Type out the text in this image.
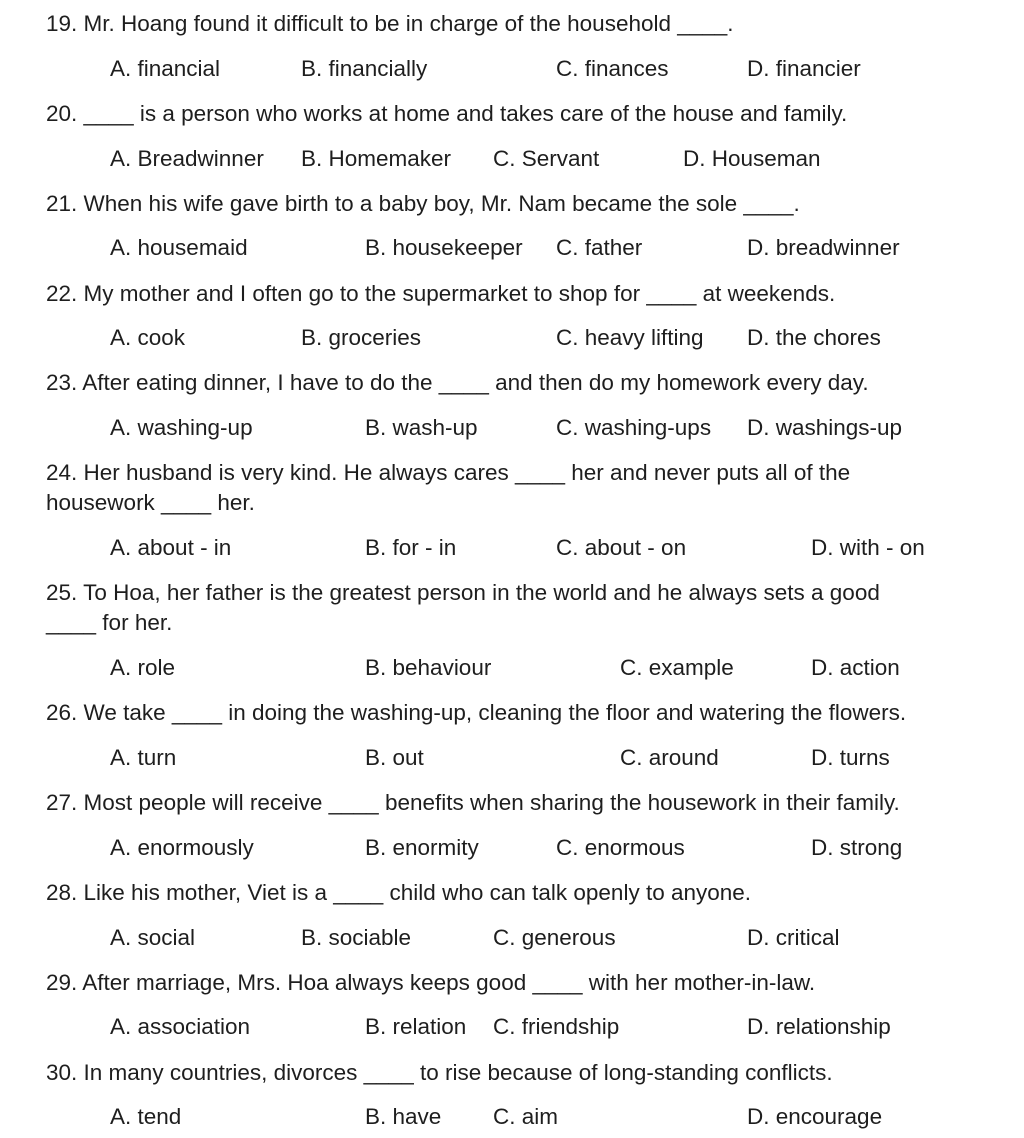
19. Mr. Hoang found it difficult to be in charge of the household ____.
A. financial	B. financially	C. finances	D. financier
20. ____ is a person who works at home and takes care of the house and family.
A. Breadwinner B. Homemaker C. Servant	D. Houseman
21. When his wife gave birth to a baby boy, Mr. Nam became the sole ____.
A. housemaid	B. housekeeper C. father	D. breadwinner
22. My mother and I often go to the supermarket to shop for ____ at weekends.
A. cook	B. groceries	C. heavy lifting D. the chores
23. After eating dinner, I have to do the ____ and then do my homework every day.
A. washing-up	B. wash-up	C. washing-ups D. washings-up
24. Her husband is very kind. He always cares ____ her and never puts all of the
housework ____ her.
A. about - in	B. for - in	C. about - on	D. with - on
25. To Hoa, her father is the greatest person in the world and he always sets a good
____ for her.
A. role	B. behaviour	C. example	D. action
26. We take ____ in doing the washing-up, cleaning the floor and watering the flowers.
A. turn	B. out	C. around	D. turns
27. Most people will receive ____ benefits when sharing the housework in their family.
A. enormously	B. enormity	C. enormous	D. strong
28. Like his mother, Viet is a ____ child who can talk openly to anyone.
A. social	B. sociable	C. generous	D. critical
29. After marriage, Mrs. Hoa always keeps good ____ with her mother-in-law.
A. association	B. relation C. friendship	D. relationship
30. In many countries, divorces ____ to rise because of long-standing conflicts.
A. tend	B. have C. aim	D. encourage
